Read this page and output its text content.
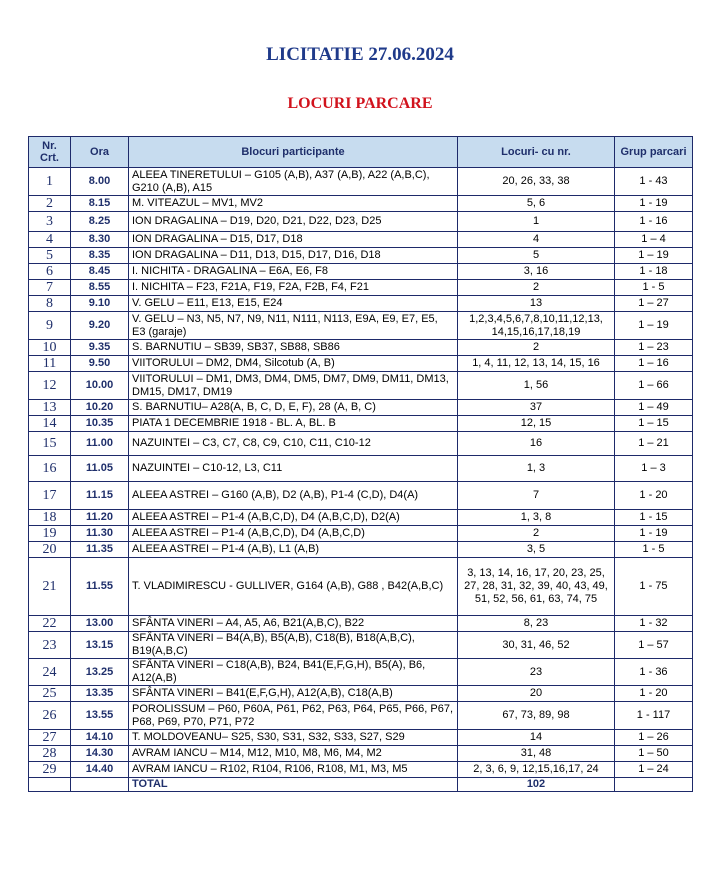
LICITATIE 27.06.2024
LOCURI PARCARE
Nr. Crt.	Ora	Blocuri participante	Locuri- cu nr.	Grup parcari
1	8.00	ALEEA TINERETULUI – G105 (A,B), A37 (A,B), A22 (A,B,C), G210 (A,B), A15	20, 26, 33, 38	1 - 43
2	8.15	M. VITEAZUL – MV1, MV2	5, 6	1 - 19
3	8.25	ION DRAGALINA – D19, D20, D21, D22, D23, D25	1	1 - 16
4	8.30	ION DRAGALINA – D15, D17, D18	4	1 – 4
5	8.35	ION DRAGALINA – D11, D13, D15, D17, D16, D18	5	1 – 19
6	8.45	I. NICHITA - DRAGALINA – E6A, E6, F8	3, 16	1 - 18
7	8.55	I. NICHITA – F23, F21A, F19, F2A, F2B, F4, F21	2	1 - 5
8	9.10	V. GELU – E11, E13, E15, E24	13	1 – 27
9	9.20	V. GELU – N3, N5, N7, N9, N11, N111, N113, E9A, E9, E7, E5, E3 (garaje)	1,2,3,4,5,6,7,8,10,11,12,13, 14,15,16,17,18,19	1 – 19
10	9.35	S. BARNUTIU – SB39, SB37, SB88, SB86	2	1 – 23
11	9.50	VIITORULUI – DM2, DM4, Silcotub (A, B)	1, 4, 11, 12, 13, 14, 15, 16	1 – 16
12	10.00	VIITORULUI – DM1, DM3, DM4, DM5, DM7, DM9, DM11, DM13, DM15, DM17, DM19	1, 56	1 – 66
13	10.20	S. BARNUTIU– A28(A, B, C, D, E, F), 28 (A, B, C)	37	1 – 49
14	10.35	PIATA 1 DECEMBRIE 1918 - BL. A, BL. B	12, 15	1 – 15
15	11.00	NAZUINTEI – C3, C7, C8, C9, C10, C11, C10-12	16	1 – 21
16	11.05	NAZUINTEI – C10-12, L3, C11	1, 3	1 – 3
17	11.15	ALEEA ASTREI – G160 (A,B), D2 (A,B), P1-4 (C,D), D4(A)	7	1 - 20
18	11.20	ALEEA ASTREI – P1-4 (A,B,C,D), D4 (A,B,C,D), D2(A)	1, 3, 8	1 - 15
19	11.30	ALEEA ASTREI – P1-4 (A,B,C,D), D4 (A,B,C,D)	2	1 - 19
20	11.35	ALEEA ASTREI – P1-4 (A,B), L1 (A,B)	3, 5	1 - 5
21	11.55	T. VLADIMIRESCU - GULLIVER, G164 (A,B), G88 , B42(A,B,C)	3, 13, 14, 16, 17, 20, 23, 25, 27, 28, 31, 32, 39, 40, 43, 49, 51, 52, 56, 61, 63, 74, 75	1 - 75
22	13.00	SFÂNTA VINERI – A4, A5, A6, B21(A,B,C), B22	8, 23	1 - 32
23	13.15	SFÂNTA VINERI – B4(A,B), B5(A,B), C18(B), B18(A,B,C), B19(A,B,C)	30, 31, 46, 52	1 – 57
24	13.25	SFÂNTA VINERI – C18(A,B), B24, B41(E,F,G,H), B5(A), B6, A12(A,B)	23	1 - 36
25	13.35	SFÂNTA VINERI – B41(E,F,G,H), A12(A,B), C18(A,B)	20	1 - 20
26	13.55	POROLISSUM – P60, P60A, P61, P62, P63, P64, P65, P66, P67, P68, P69, P70, P71, P72	67, 73, 89, 98	1 - 117
27	14.10	T. MOLDOVEANU– S25, S30, S31, S32, S33, S27, S29	14	1 – 26
28	14.30	AVRAM IANCU – M14, M12, M10, M8, M6, M4, M2	31, 48	1 – 50
29	14.40	AVRAM IANCU – R102, R104, R106, R108, M1, M3, M5	2, 3, 6, 9, 12,15,16,17, 24	1 – 24
		TOTAL	102	
